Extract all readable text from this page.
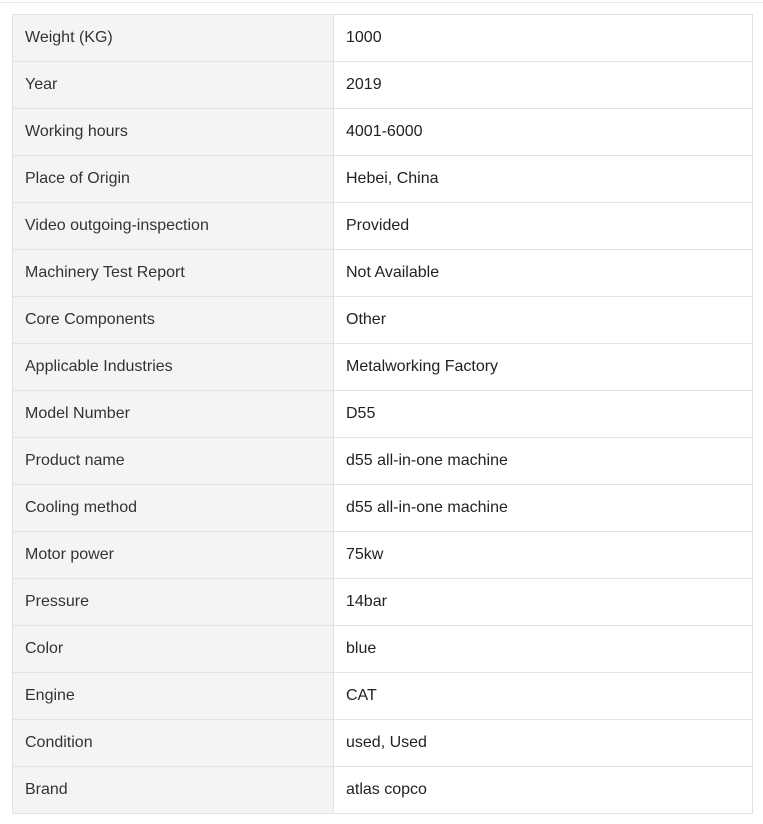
Weight (KG)	1000
Year	2019
Working hours	4001-6000
Place of Origin	Hebei, China
Video outgoing-inspection	Provided
Machinery Test Report	Not Available
Core Components	Other
Applicable Industries	Metalworking Factory
Model Number	D55
Product name	d55 all-in-one machine
Cooling method	d55 all-in-one machine
Motor power	75kw
Pressure	14bar
Color	blue
Engine	CAT
Condition	used, Used
Brand	atlas copco
